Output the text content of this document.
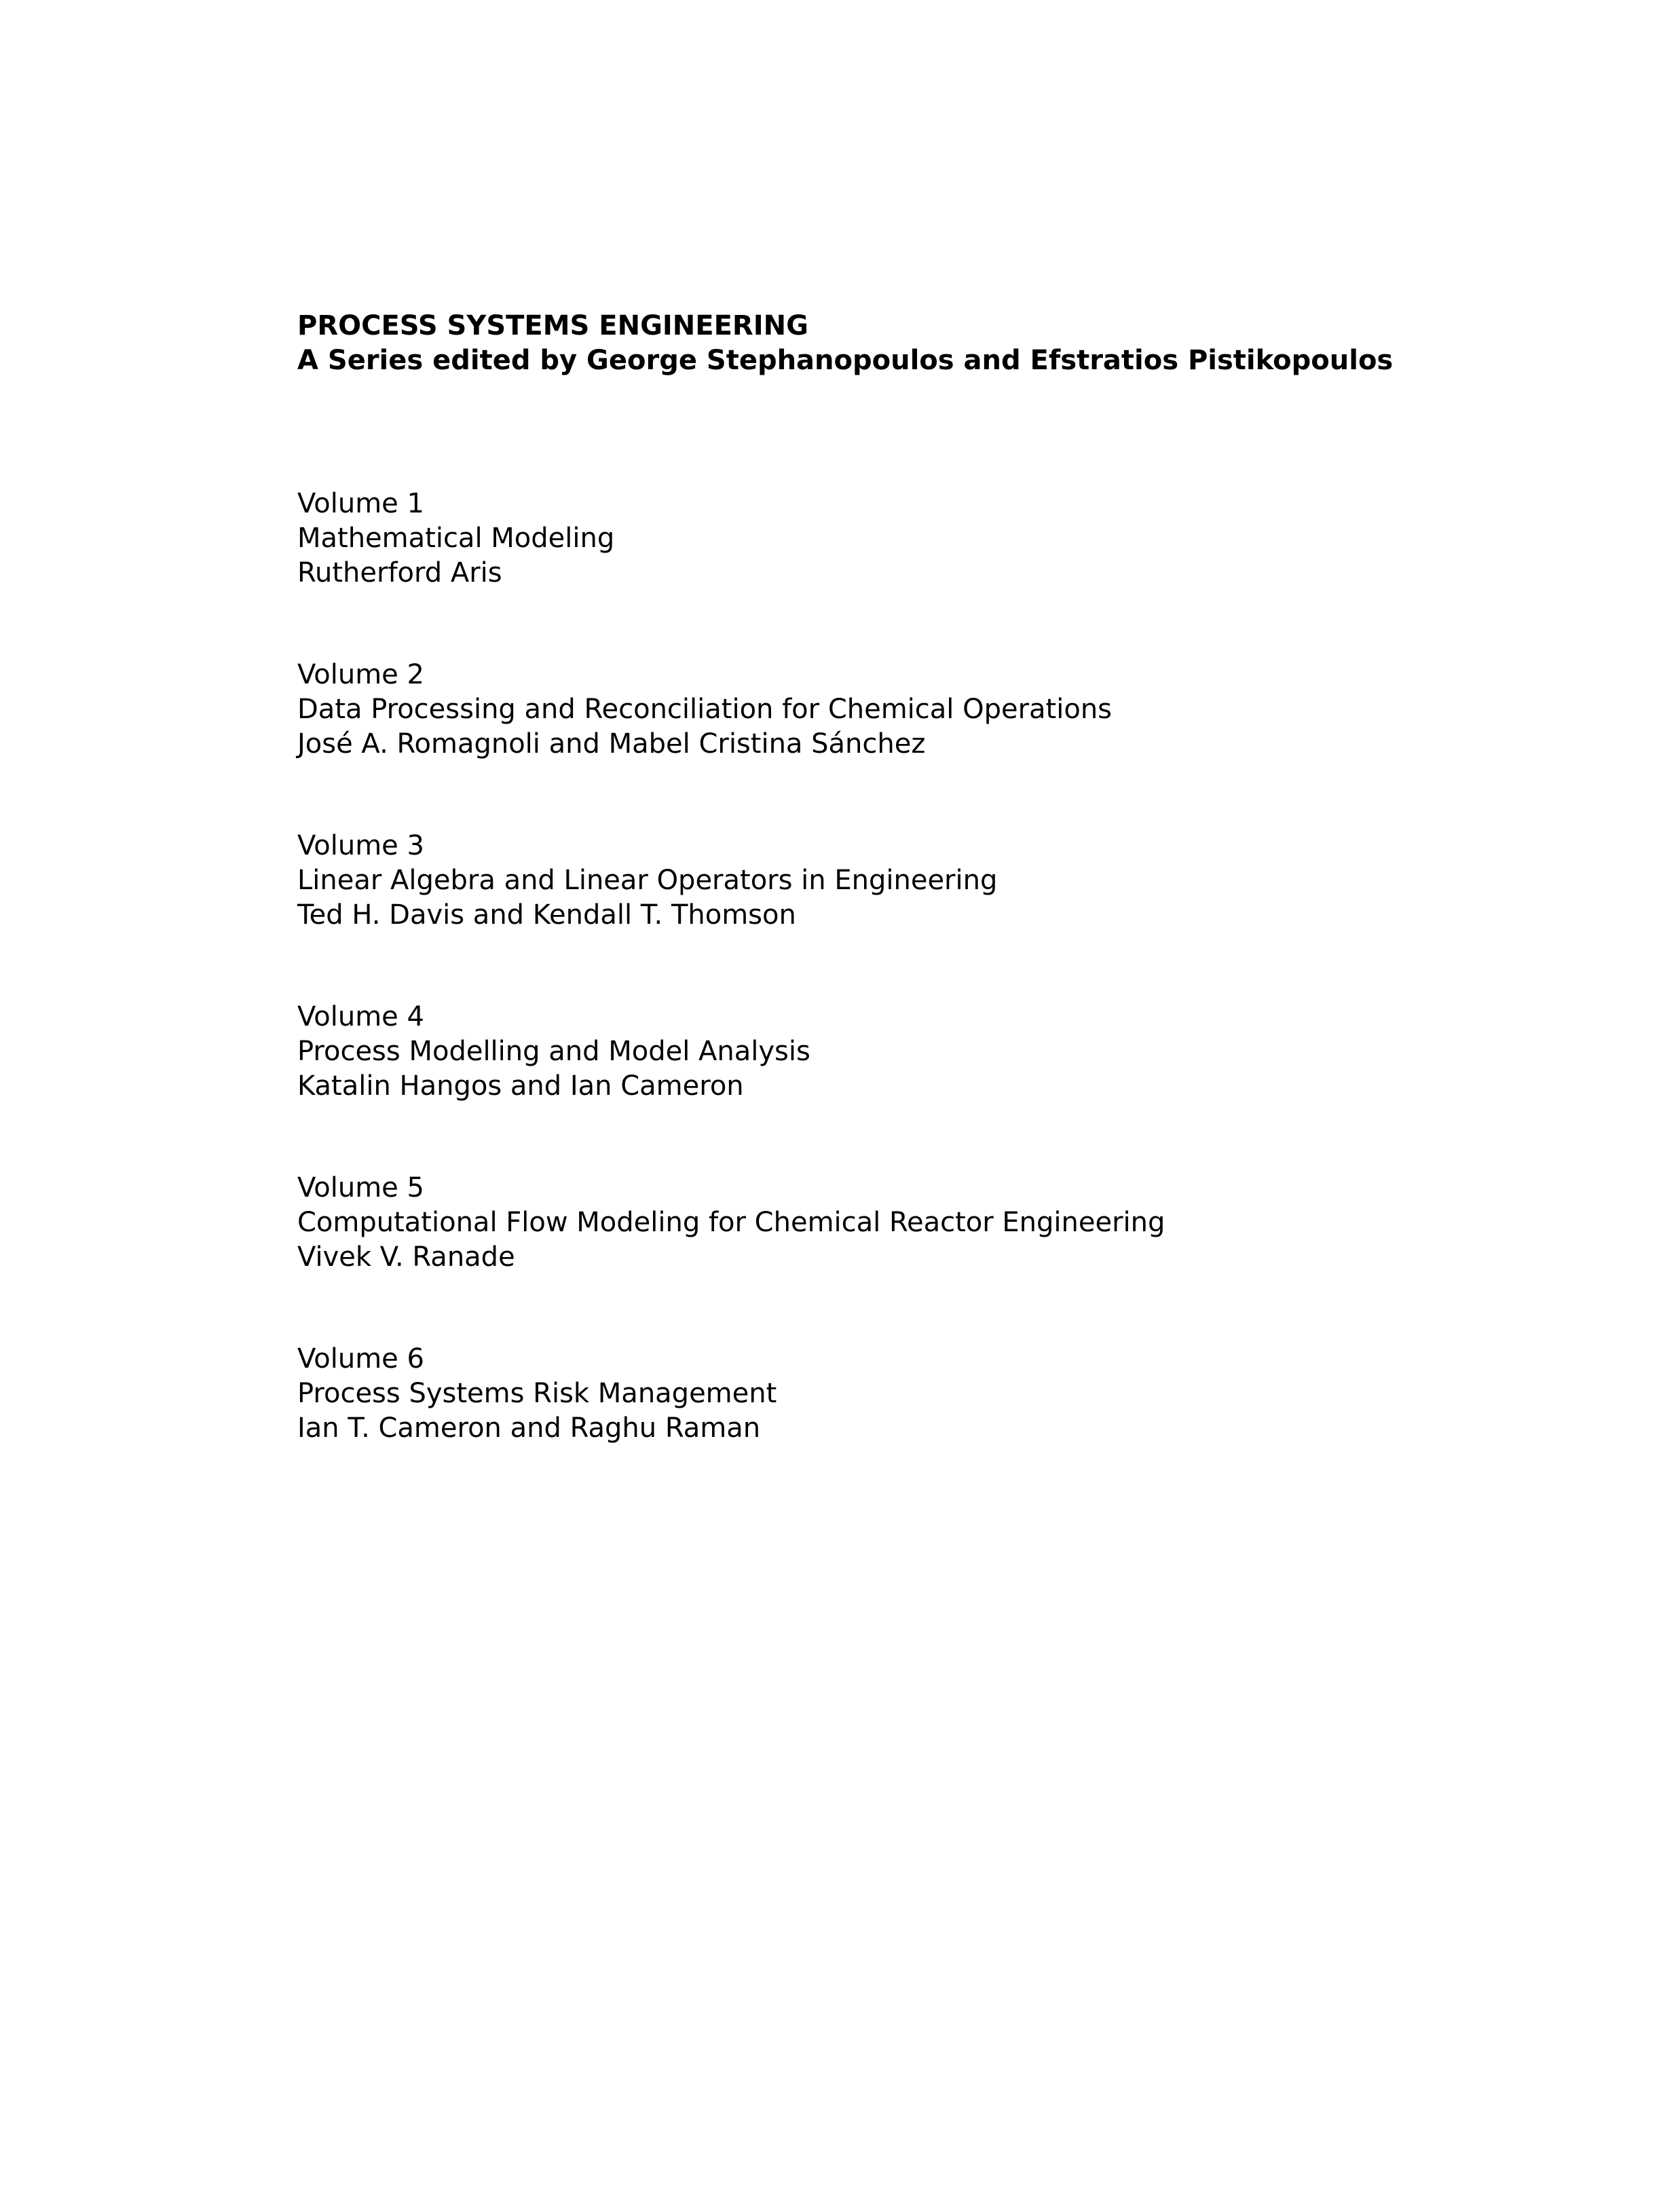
PROCESS SYSTEMS ENGINEERING

A Series edited by George Stephanopoulos and Efstratios Pistikopoulos

Volume 1
Mathematical Modeling
Rutherford Aris
Volume 2
Data Processing and Reconciliation for Chemical Operations
José A. Romagnoli and Mabel Cristina Sánchez
Volume 3
Linear Algebra and Linear Operators in Engineering
Ted H. Davis and Kendall T. Thomson
Volume 4
Process Modelling and Model Analysis
Katalin Hangos and Ian Cameron
Volume 5
Computational Flow Modeling for Chemical Reactor Engineering
Vivek V. Ranade
Volume 6
Process Systems Risk Management
Ian T. Cameron and Raghu Raman
